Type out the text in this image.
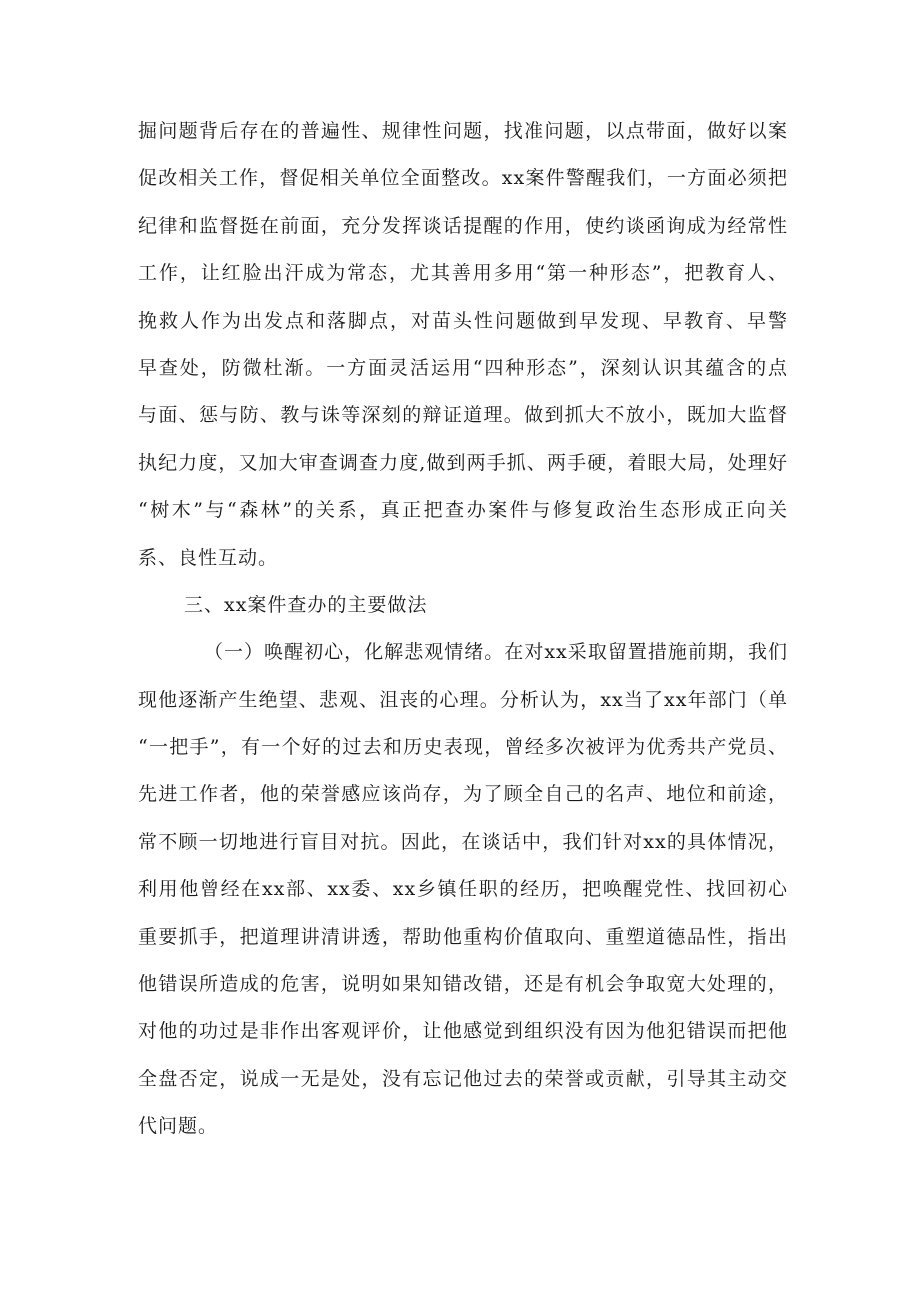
掘问题背后存在的普遍性、规律性问题，找准问题，以点带面，做好以案

促改相关工作，督促相关单位全面整改。xx案件警醒我们，一方面必须把

纪律和监督挺在前面，充分发挥谈话提醒的作用，使约谈函询成为经常性

工作，让红脸出汗成为常态，尤其善用多用“第一种形态”，把教育人、

挽救人作为出发点和落脚点，对苗头性问题做到早发现、早教育、早警

早查处，防微杜渐。一方面灵活运用“四种形态”，深刻认识其蕴含的点

与面、惩与防、教与诛等深刻的辩证道理。做到抓大不放小，既加大监督

执纪力度，又加大审查调查力度,做到两手抓、两手硬，着眼大局，处理好

“树木”与“森林”的关系，真正把查办案件与修复政治生态形成正向关

系、良性互动。

三、xx案件查办的主要做法

（一）唤醒初心，化解悲观情绪。在对xx采取留置措施前期，我们

现他逐渐产生绝望、悲观、沮丧的心理。分析认为，xx当了xx年部门（单

“一把手”，有一个好的过去和历史表现，曾经多次被评为优秀共产党员、

先进工作者，他的荣誉感应该尚存，为了顾全自己的名声、地位和前途，

常不顾一切地进行盲目对抗。因此，在谈话中，我们针对xx的具体情况，

利用他曾经在xx部、xx委、xx乡镇任职的经历，把唤醒党性、找回初心

重要抓手，把道理讲清讲透，帮助他重构价值取向、重塑道德品性，指出

他错误所造成的危害，说明如果知错改错，还是有机会争取宽大处理的，

对他的功过是非作出客观评价，让他感觉到组织没有因为他犯错误而把他

全盘否定，说成一无是处，没有忘记他过去的荣誉或贡献，引导其主动交

代问题。
